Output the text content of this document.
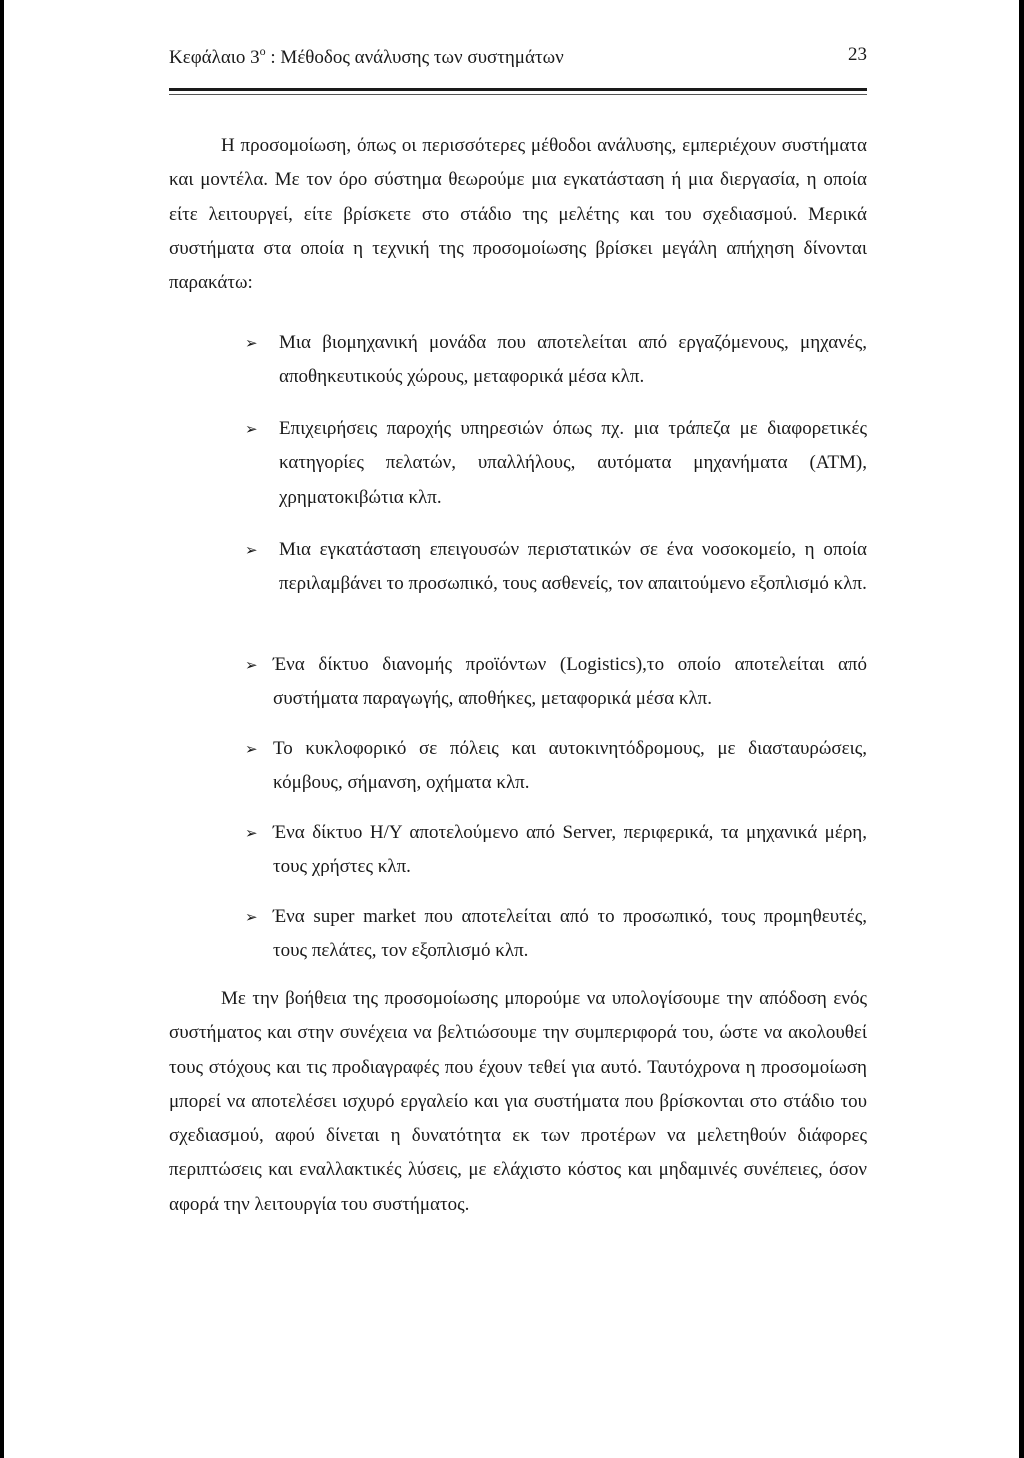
Κεφάλαιο $3^o$ : Μέθοδος ανάλυσης των συστημάτων	23

Η προσομοίωση, όπως οι περισσότερες μέθοδοι ανάλυσης, εμπεριέχουν συστήματα και μοντέλα. Με τον όρο σύστημα θεωρούμε μια εγκατάσταση ή μια διεργασία, η οποία είτε λειτουργεί, είτε βρίσκετε στο στάδιο της μελέτης και του σχεδιασμού. Μερικά συστήματα στα οποία η τεχνική της προσομοίωσης βρίσκει μεγάλη απήχηση δίνονται παρακάτω:

➢	Μια βιομηχανική μονάδα που αποτελείται από εργαζόμενους, μηχανές, αποθηκευτικούς χώρους, μεταφορικά μέσα κλπ.
➢	Επιχειρήσεις παροχής υπηρεσιών όπως πχ. μια τράπεζα με διαφορετικές κατηγορίες πελατών, υπαλλήλους, αυτόματα μηχανήματα (ΑΤΜ), χρηματοκιβώτια κλπ.
➢	Μια εγκατάσταση επειγουσών περιστατικών σε ένα νοσοκομείο, η οποία περιλαμβάνει το προσωπικό, τους ασθενείς, τον απαιτούμενο εξοπλισμό κλπ.
➢ Ένα δίκτυο διανομής προϊόντων (Logistics),το οποίο αποτελείται από συστήματα παραγωγής, αποθήκες, μεταφορικά μέσα κλπ.
➢ Το κυκλοφορικό σε πόλεις και αυτοκινητόδρομους, με διασταυρώσεις, κόμβους, σήμανση, οχήματα κλπ.
➢ Ένα δίκτυο Η/Υ αποτελούμενο από Server, περιφερικά, τα μηχανικά μέρη, τους χρήστες κλπ.
➢ Ένα super market που αποτελείται από το προσωπικό, τους προμηθευτές, τους πελάτες, τον εξοπλισμό κλπ.

Με την βοήθεια της προσομοίωσης μπορούμε να υπολογίσουμε την απόδοση ενός συστήματος και στην συνέχεια να βελτιώσουμε την συμπεριφορά του, ώστε να ακολουθεί τους στόχους και τις προδιαγραφές που έχουν τεθεί για αυτό. Ταυτόχρονα η προσομοίωση μπορεί να αποτελέσει ισχυρό εργαλείο και για συστήματα που βρίσκονται στο στάδιο του σχεδιασμού, αφού δίνεται η δυνατότητα εκ των προτέρων να μελετηθούν διάφορες περιπτώσεις και εναλλακτικές λύσεις, με ελάχιστο κόστος και μηδαμινές συνέπειες, όσον αφορά την λειτουργία του συστήματος.
